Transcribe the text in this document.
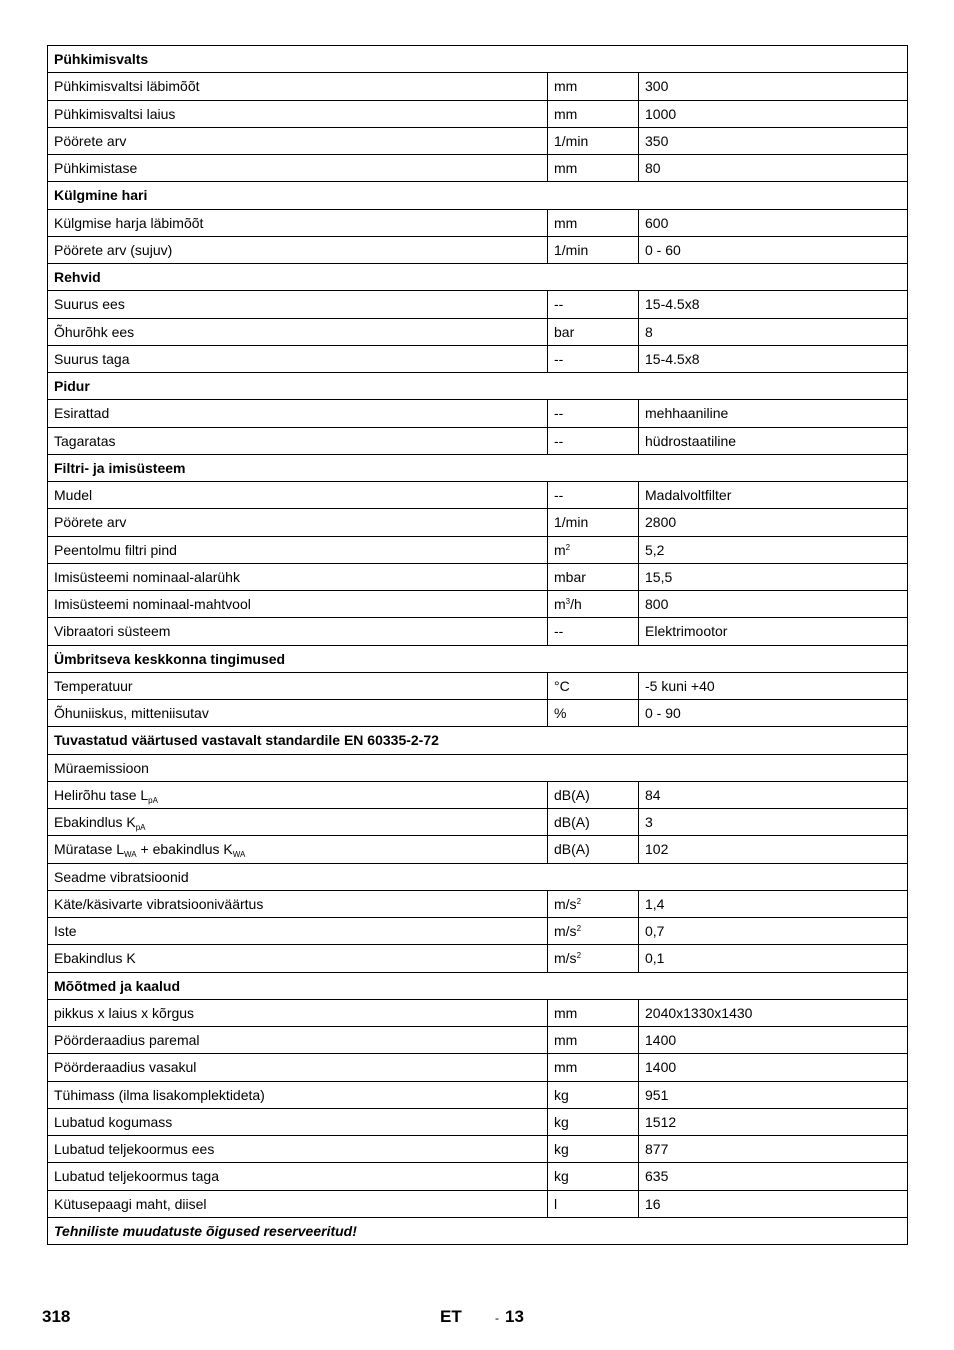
Pühkimisvalts		
Pühkimisvaltsi läbimõõt	mm	300
Pühkimisvaltsi laius	mm	1000
Pöörete arv	1/min	350
Pühkimistase	mm	80
Külgmine hari		
Külgmise harja läbimõõt	mm	600
Pöörete arv (sujuv)	1/min	0 - 60
Rehvid		
Suurus ees	--	15-4.5x8
Õhurõhk ees	bar	8
Suurus taga	--	15-4.5x8
Pidur		
Esirattad	--	mehhaaniline
Tagaratas	--	hüdrostaatiline
Filtri- ja imisüsteem		
Mudel	--	Madalvoltfilter
Pöörete arv	1/min	2800
Peentolmu filtri pind	$m^2$	5,2
Imisüsteemi nominaal-alarühk	mbar	15,5
Imisüsteemi nominaal-mahtvool	$m^3/h$	800
Vibraatori süsteem	--	Elektrimootor
Ümbritseva keskkonna tingimused		
Temperatuur	°C	-5 kuni +40
Õhuniiskus, mitteniisutav	%	0 - 90
Tuvastatud väärtused vastavalt standardile EN 60335-2-72		
Müraemissioon		
Helirõhu tase $L_{pA}$	dB(A)	84
Ebakindlus $K_{pA}$	dB(A)	3
Müratase $L_{WA}$ + ebakindlus $K_{WA}$	dB(A)	102
Seadme vibratsioonid		
Käte/käsivarte vibratsiooniväärtus	$m/s^2$	1,4
Iste	$m/s^2$	0,7
Ebakindlus K	$m/s^2$	0,1
Mõõtmed ja kaalud		
pikkus x laius x kõrgus	mm	2040x1330x1430
Pöörderaadius paremal	mm	1400
Pöörderaadius vasakul	mm	1400
Tühimass (ilma lisakomplektideta)	kg	951
Lubatud kogumass	kg	1512
Lubatud teljekoormus ees	kg	877
Lubatud teljekoormus taga	kg	635
Kütusepaagi maht, diisel	l	16
Tehniliste muudatuste õigused reserveeritud!		
318	ET	- 13
